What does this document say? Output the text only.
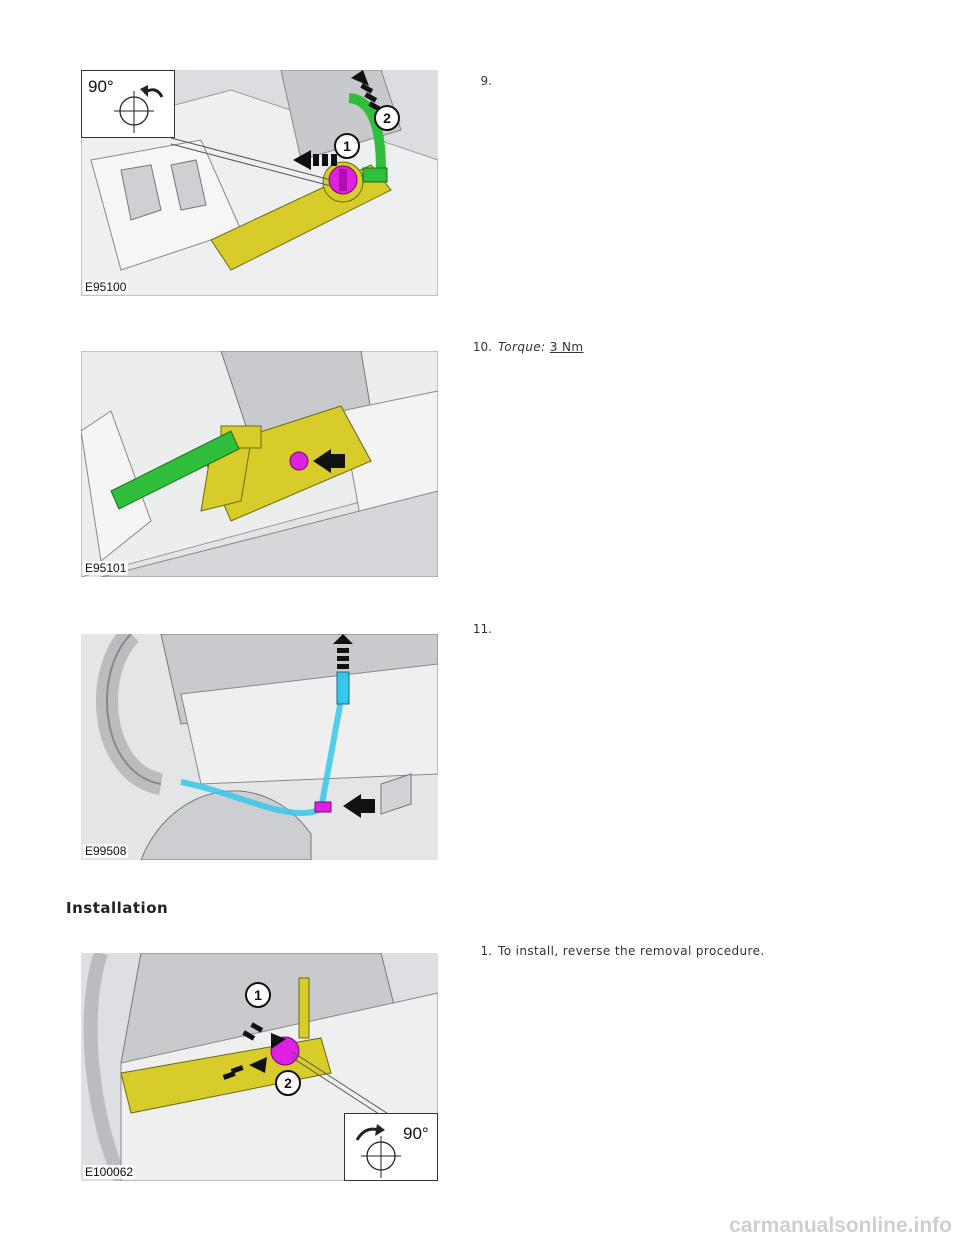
1
2
90°
E95100
9.
E95101
10. Torque: 3 Nm
E99508
11.
Installation
1
2
90°
E100062
1. To install, reverse the removal procedure.
carmanualsonline.info
